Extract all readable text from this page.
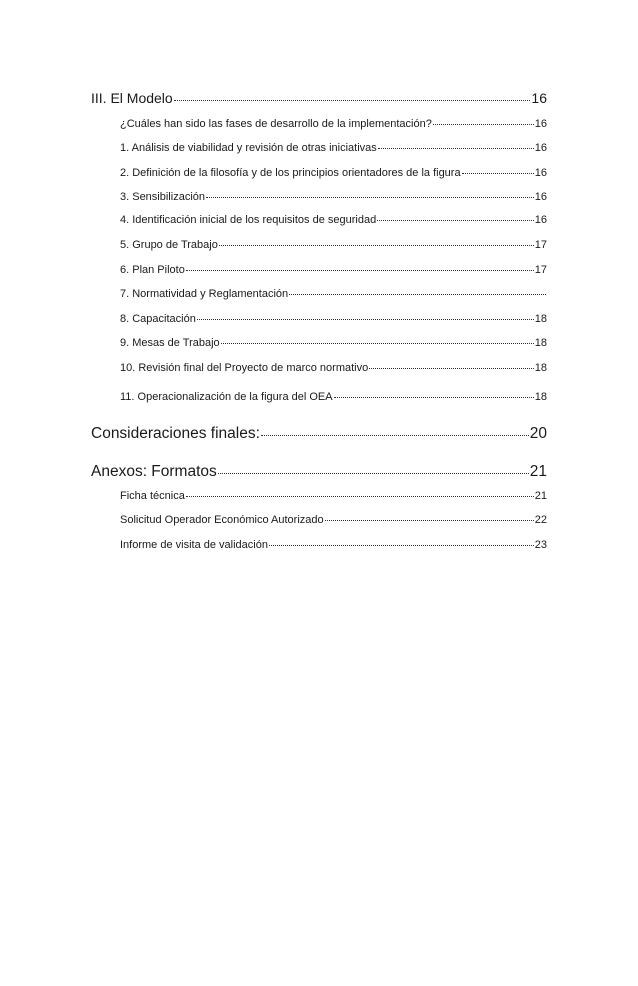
III. El Modelo	16
¿Cuáles han sido las fases de desarrollo de la implementación?	16
1. Análisis de viabilidad y revisión de otras iniciativas	16
2. Definición de la filosofía y de los principios orientadores de la figura	16
3. Sensibilización	16
4. Identificación inicial de los requisitos de seguridad	16
5. Grupo de Trabajo	17
6. Plan Piloto	17
7. Normatividad y Reglamentación
8. Capacitación	18
9. Mesas de Trabajo	18
10. Revisión final del Proyecto de marco normativo	18
11. Operacionalización de la figura del OEA	18
Consideraciones finales:	20
Anexos: Formatos	21
Ficha técnica	21
Solicitud Operador Económico Autorizado	22
Informe de visita de validación	23
